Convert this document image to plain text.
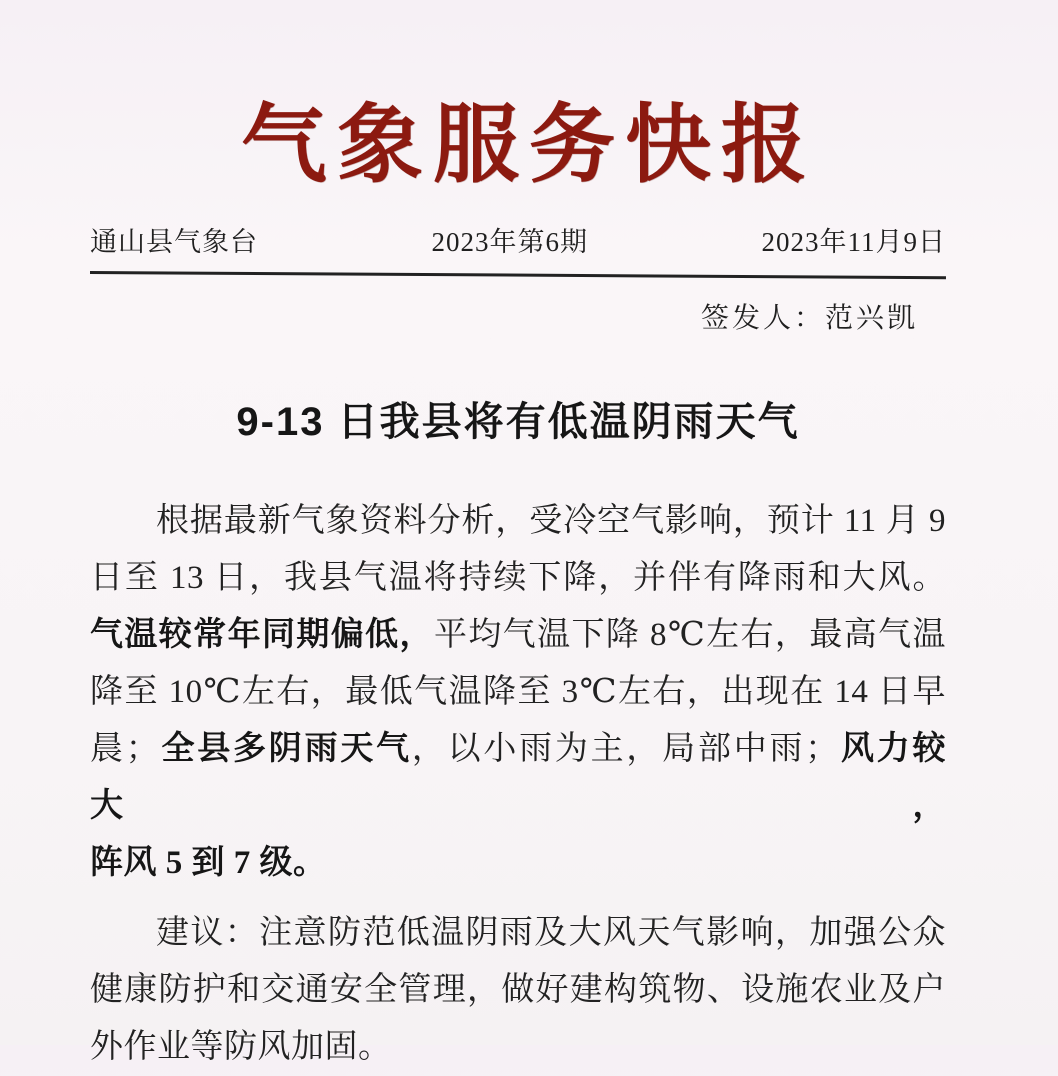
气象服务快报
通山县气象台	2023年第6期	2023年11月9日
签发人：范兴凯
9-13 日我县将有低温阴雨天气
根据最新气象资料分析，受冷空气影响，预计 11 月 9
日至 13 日，我县气温将持续下降，并伴有降雨和大风。
气温较常年同期偏低，平均气温下降 8℃左右，最高气温
降至 10℃左右，最低气温降至 3℃左右，出现在 14 日早
晨；全县多阴雨天气，以小雨为主，局部中雨；风力较大，
阵风 5 到 7 级。
建议：注意防范低温阴雨及大风天气影响，加强公众
健康防护和交通安全管理，做好建构筑物、设施农业及户
外作业等防风加固。
